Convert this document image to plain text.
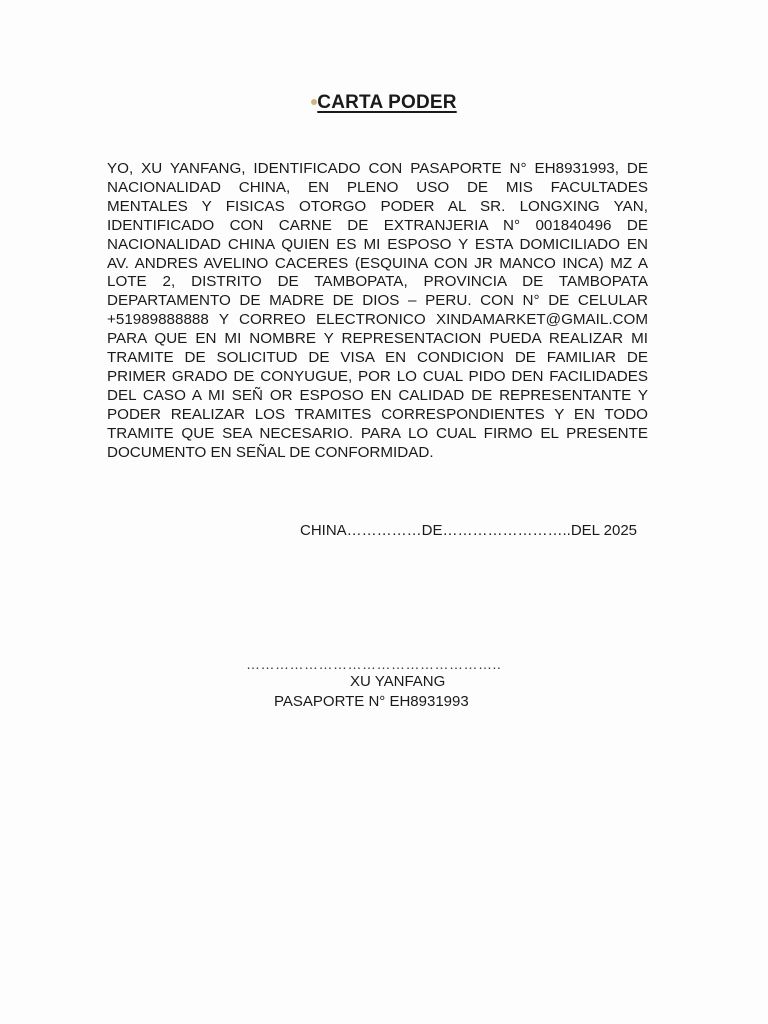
CARTA PODER
YO, XU YANFANG, IDENTIFICADO CON PASAPORTE N° EH8931993, DE
NACIONALIDAD CHINA, EN PLENO USO DE MIS FACULTADES
MENTALES Y FISICAS OTORGO PODER AL SR. LONGXING YAN,
IDENTIFICADO CON CARNE DE EXTRANJERIA N° 001840496 DE
NACIONALIDAD CHINA QUIEN ES MI ESPOSO Y ESTA DOMICILIADO EN
AV. ANDRES AVELINO CACERES (ESQUINA CON JR MANCO INCA) MZ A
LOTE 2, DISTRITO DE TAMBOPATA, PROVINCIA DE TAMBOPATA
DEPARTAMENTO DE MADRE DE DIOS – PERU. CON N° DE CELULAR
+51989888888 Y CORREO ELECTRONICO XINDAMARKET@GMAIL.COM
PARA QUE EN MI NOMBRE Y REPRESENTACION PUEDA REALIZAR MI
TRAMITE DE SOLICITUD DE VISA EN CONDICION DE FAMILIAR DE
PRIMER GRADO DE CONYUGUE, POR LO CUAL PIDO DEN FACILIDADES
DEL CASO A MI SEÑ OR ESPOSO EN CALIDAD DE REPRESENTANTE Y
PODER REALIZAR LOS TRAMITES CORRESPONDIENTES Y EN TODO
TRAMITE QUE SEA NECESARIO. PARA LO CUAL FIRMO EL PRESENTE
DOCUMENTO EN SEÑAL DE CONFORMIDAD.
CHINA……………DE……………………..DEL 2025
……………………………………………..
XU YANFANG
PASAPORTE N° EH8931993
